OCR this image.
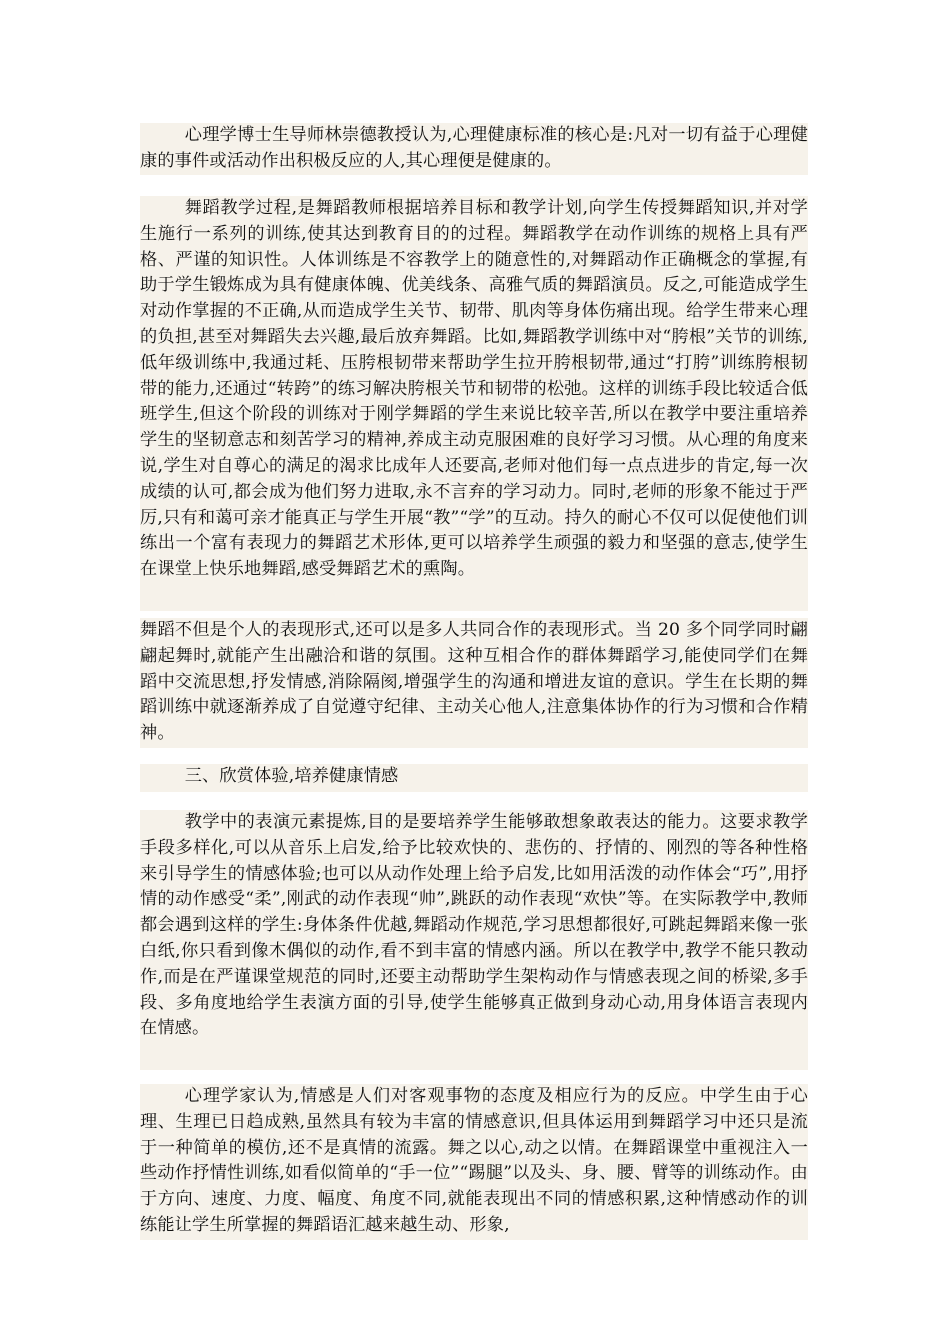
心理学博士生导师林崇德教授认为,心理健康标准的核心是:凡对一切有益于心理健康的事件或活动作出积极反应的人,其心理便是健康的。

舞蹈教学过程,是舞蹈教师根据培养目标和教学计划,向学生传授舞蹈知识,并对学生施行一系列的训练,使其达到教育目的的过程。舞蹈教学在动作训练的规格上具有严格、严谨的知识性。人体训练是不容教学上的随意性的,对舞蹈动作正确概念的掌握,有助于学生锻炼成为具有健康体魄、优美线条、高雅气质的舞蹈演员。反之,可能造成学生对动作掌握的不正确,从而造成学生关节、韧带、肌肉等身体伤痛出现。给学生带来心理的负担,甚至对舞蹈失去兴趣,最后放弃舞蹈。比如,舞蹈教学训练中对“胯根”关节的训练,低年级训练中,我通过耗、压胯根韧带来帮助学生拉开胯根韧带,通过“打胯”训练胯根韧带的能力,还通过“转跨”的练习解决胯根关节和韧带的松弛。这样的训练手段比较适合低班学生,但这个阶段的训练对于刚学舞蹈的学生来说比较辛苦,所以在教学中要注重培养学生的坚韧意志和刻苦学习的精神,养成主动克服困难的良好学习习惯。从心理的角度来说,学生对自尊心的满足的渴求比成年人还要高,老师对他们每一点点进步的肯定,每一次成绩的认可,都会成为他们努力进取,永不言弃的学习动力。同时,老师的形象不能过于严厉,只有和蔼可亲才能真正与学生开展“教”“学”的互动。持久的耐心不仅可以促使他们训练出一个富有表现力的舞蹈艺术形体,更可以培养学生顽强的毅力和坚强的意志,使学生在课堂上快乐地舞蹈,感受舞蹈艺术的熏陶。

舞蹈不但是个人的表现形式,还可以是多人共同合作的表现形式。当 20 多个同学同时翩翩起舞时,就能产生出融洽和谐的氛围。这种互相合作的群体舞蹈学习,能使同学们在舞蹈中交流思想,抒发情感,消除隔阂,增强学生的沟通和增进友谊的意识。学生在长期的舞蹈训练中就逐渐养成了自觉遵守纪律、主动关心他人,注意集体协作的行为习惯和合作精神。

三、欣赏体验,培养健康情感

教学中的表演元素提炼,目的是要培养学生能够敢想象敢表达的能力。这要求教学手段多样化,可以从音乐上启发,给予比较欢快的、悲伤的、抒情的、刚烈的等各种性格来引导学生的情感体验;也可以从动作处理上给予启发,比如用活泼的动作体会“巧”,用抒情的动作感受“柔”,刚武的动作表现“帅”,跳跃的动作表现“欢快”等。在实际教学中,教师都会遇到这样的学生:身体条件优越,舞蹈动作规范,学习思想都很好,可跳起舞蹈来像一张白纸,你只看到像木偶似的动作,看不到丰富的情感内涵。所以在教学中,教学不能只教动作,而是在严谨课堂规范的同时,还要主动帮助学生架构动作与情感表现之间的桥梁,多手段、多角度地给学生表演方面的引导,使学生能够真正做到身动心动,用身体语言表现内在情感。

心理学家认为,情感是人们对客观事物的态度及相应行为的反应。中学生由于心理、生理已日趋成熟,虽然具有较为丰富的情感意识,但具体运用到舞蹈学习中还只是流于一种简单的模仿,还不是真情的流露。舞之以心,动之以情。在舞蹈课堂中重视注入一些动作抒情性训练,如看似简单的“手一位”“踢腿”以及头、身、腰、臂等的训练动作。由于方向、速度、力度、幅度、角度不同,就能表现出不同的情感积累,这种情感动作的训练能让学生所掌握的舞蹈语汇越来越生动、形象,
